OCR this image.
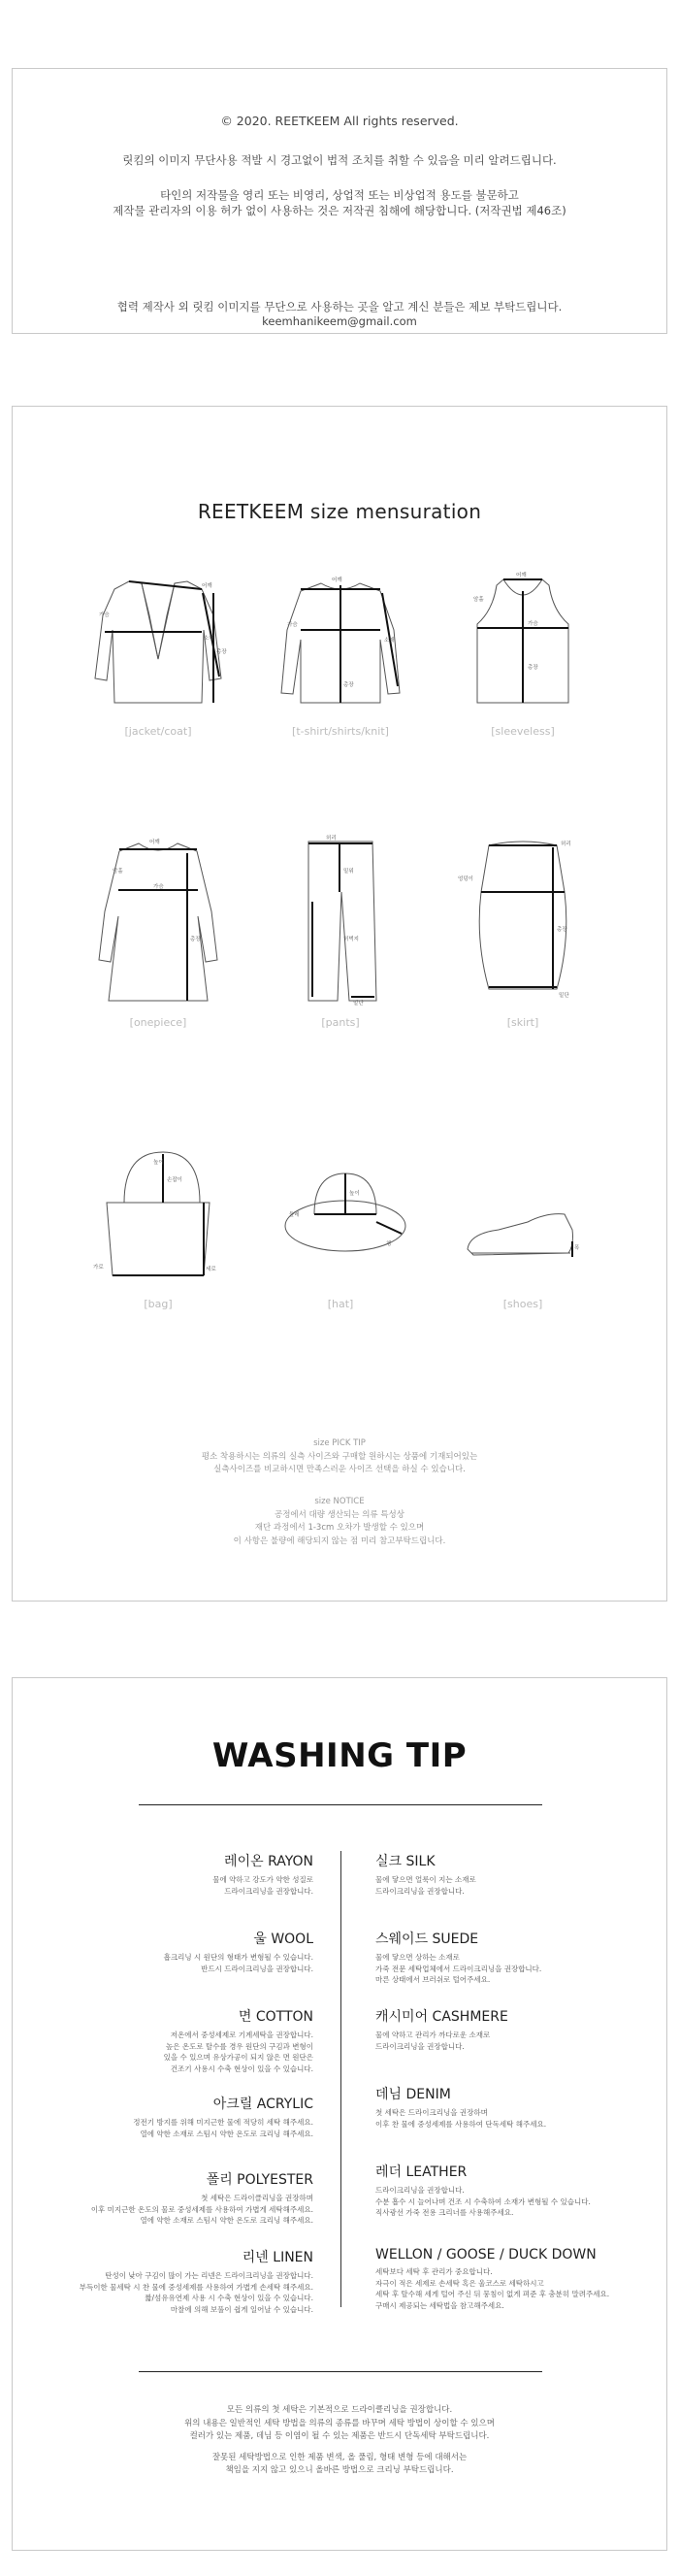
© 2020. REETKEEM All rights reserved.
릿킴의 이미지 무단사용 적발 시 경고없이 법적 조치를 취할 수 있음을 미리 알려드립니다.
타인의 저작물을 영리 또는 비영리, 상업적 또는 비상업적 용도를 불문하고
제작물 관리자의 이용 허가 없이 사용하는 것은 저작권 침해에 해당합니다. (저작권법 제46조)
협력 제작사 외 릿킴 이미지를 무단으로 사용하는 곳을 알고 계신 분들은 제보 부탁드립니다.
keemhanikeem@gmail.com
REETKEEM size mensuration
어깨
가슴
총장
소매
[jacket/coat]
어깨
가슴
총장
소매
[t-shirt/shirts/knit]
어깨
암홀
가슴
총장
[sleeveless]
어깨
암홀
가슴
총장
[onepiece]
허리
밑위
허벅지
밑단
[pants]
허리
엉덩이
총장
밑단
[skirt]
손잡이
높이
가로	세로
[bag]
둘레
높이
챙
[hat]
폭
[shoes]
size PICK TIP
평소 착용하시는 의류의 실측 사이즈와 구매할 원하시는 상품에 기재되어있는
실측사이즈를 비교하시면 만족스러운 사이즈 선택을 하실 수 있습니다.
size NOTICE
공정에서 대량 생산되는 의류 특성상
재단 과정에서 1-3cm 오차가 발생할 수 있으며
이 사항은 불량에 해당되지 않는 점 미리 참고부탁드립니다.
WASHING TIP
레이온 RAYON
물에 약하고 강도가 약한 성질로
드라이크리닝을 권장합니다.
울 WOOL
흡크리닝 시 원단의 형태가 변형될 수 있습니다.
반드시 드라이크리닝을 권장합니다.
면 COTTON
저온에서 중성세제로 기계세탁을 권장합니다.
높은 온도로 탈수를 경우 원단의 구김과 변형이
있을 수 있으며 유상가공이 되지 않은 면 원단은
건조기 사용시 수축 현상이 있을 수 있습니다.
아크릴 ACRYLIC
정전기 방지를 위해 미지근한 물에 적당히 세탁 해주세요.
열에 약한 소재로 스팀시 약한 온도로 크리닝 해주세요.
폴리 POLYESTER
첫 세탁은 드라이클리닝을 권장하며
이후 미지근한 온도의 물로 중성세제를 사용하여 가볍게 세탁해주세요.
열에 약한 소재로 스팀시 약한 온도로 크리닝 해주세요.
리넨 LINEN
탄성이 낮아 구김이 많이 가는 리넨은 드라이크리닝을 권장합니다.
부득이한 물세탁 시 찬 물에 중성세제를 사용하여 가볍게 손세탁 해주세요.
짧/섬유유연제 사용 시 수축 현상이 있을 수 있습니다.
마찰에 의해 보풀이 쉽게 일어날 수 있습니다.
실크 SILK
물에 닿으면 얼룩이 지는 소재로
드라이크리닝을 권장합니다.
스웨이드 SUEDE
물에 닿으면 상하는 소재로
가죽 전문 세탁업체에서 드라이크리닝을 권장합니다.
마른 상태에서 브러쉬로 털어주세요.
캐시미어 CASHMERE
물에 약하고 관리가 까다로운 소재로
드라이크리닝을 권장합니다.
데님 DENIM
첫 세탁은 드라이크리닝을 권장하며
이후 찬 물에 중성세제를 사용하여 단독세탁 해주세요.
레더 LEATHER
드라이크리닝을 권장합니다.
수분 흡수 시 늘어나며 건조 시 수축하여 소재가 변형될 수 있습니다.
직사광선 가죽 전용 크리너를 사용해주세요.
WELLON / GOOSE / DUCK DOWN
세탁보다 세탁 후 관리가 중요합니다.
자극이 적은 세제로 손세탁 혹은 울코스로 세탁하시고
세탁 후 탈수해 세게 털어 주신 뒤 뭉침이 없게 펴준 후 충분히 말려주세요.
구매시 제공되는 세탁법을 참고해주세요.
모든 의류의 첫 세탁은 기본적으로 드라이클리닝을 권장합니다.
위의 내용은 일반적인 세탁 방법을 의류의 종류를 바꾸며 세탁 방법이 상이할 수 있으며
컬러가 있는 제품, 데님 등 이염이 될 수 있는 제품은 반드시 단독세탁 부탁드립니다.
잘못된 세탁방법으로 인한 제품 변색, 올 풀림, 형태 변형 등에 대해서는
책임을 지지 않고 있으니 올바른 방법으로 크리닝 부탁드립니다.
